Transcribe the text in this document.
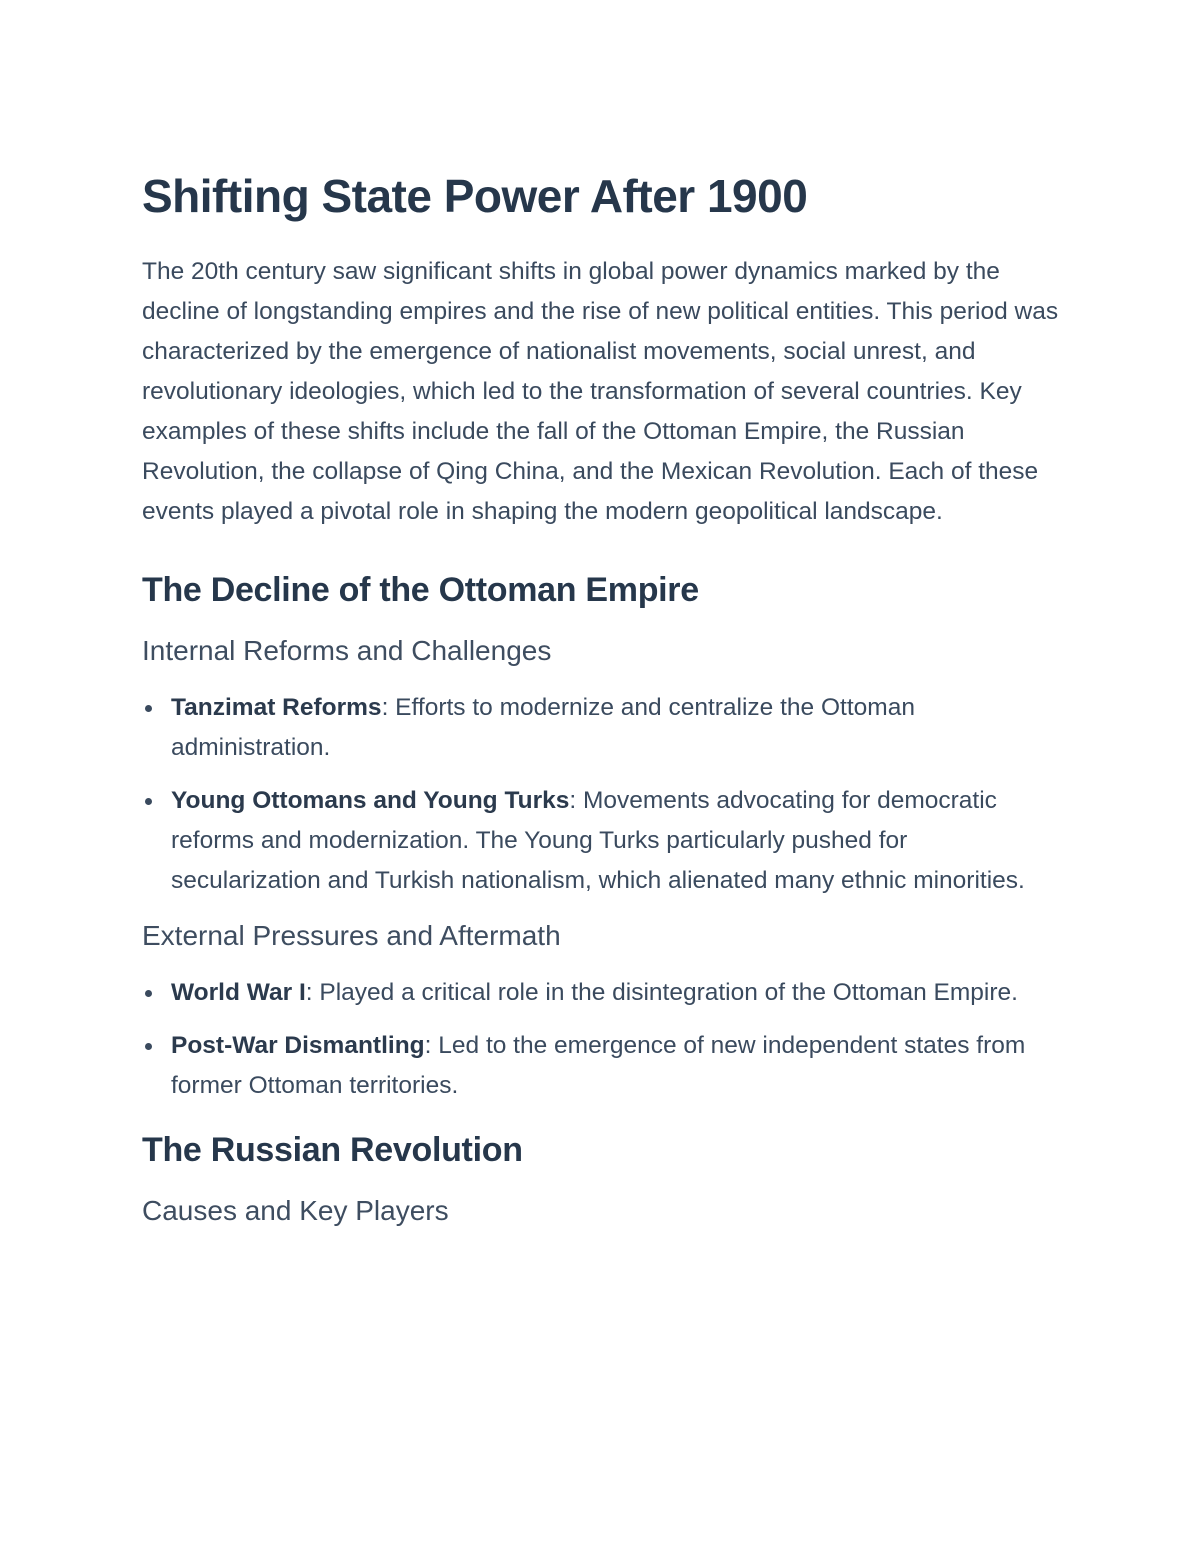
Shifting State Power After 1900

The 20th century saw significant shifts in global power dynamics marked by the decline of longstanding empires and the rise of new political entities. This period was characterized by the emergence of nationalist movements, social unrest, and revolutionary ideologies, which led to the transformation of several countries. Key examples of these shifts include the fall of the Ottoman Empire, the Russian Revolution, the collapse of Qing China, and the Mexican Revolution. Each of these events played a pivotal role in shaping the modern geopolitical landscape.

The Decline of the Ottoman Empire
Internal Reforms and Challenges
Tanzimat Reforms: Efforts to modernize and centralize the Ottoman administration.
Young Ottomans and Young Turks: Movements advocating for democratic reforms and modernization. The Young Turks particularly pushed for secularization and Turkish nationalism, which alienated many ethnic minorities.
External Pressures and Aftermath
World War I: Played a critical role in the disintegration of the Ottoman Empire.
Post-War Dismantling: Led to the emergence of new independent states from former Ottoman territories.
The Russian Revolution
Causes and Key Players
